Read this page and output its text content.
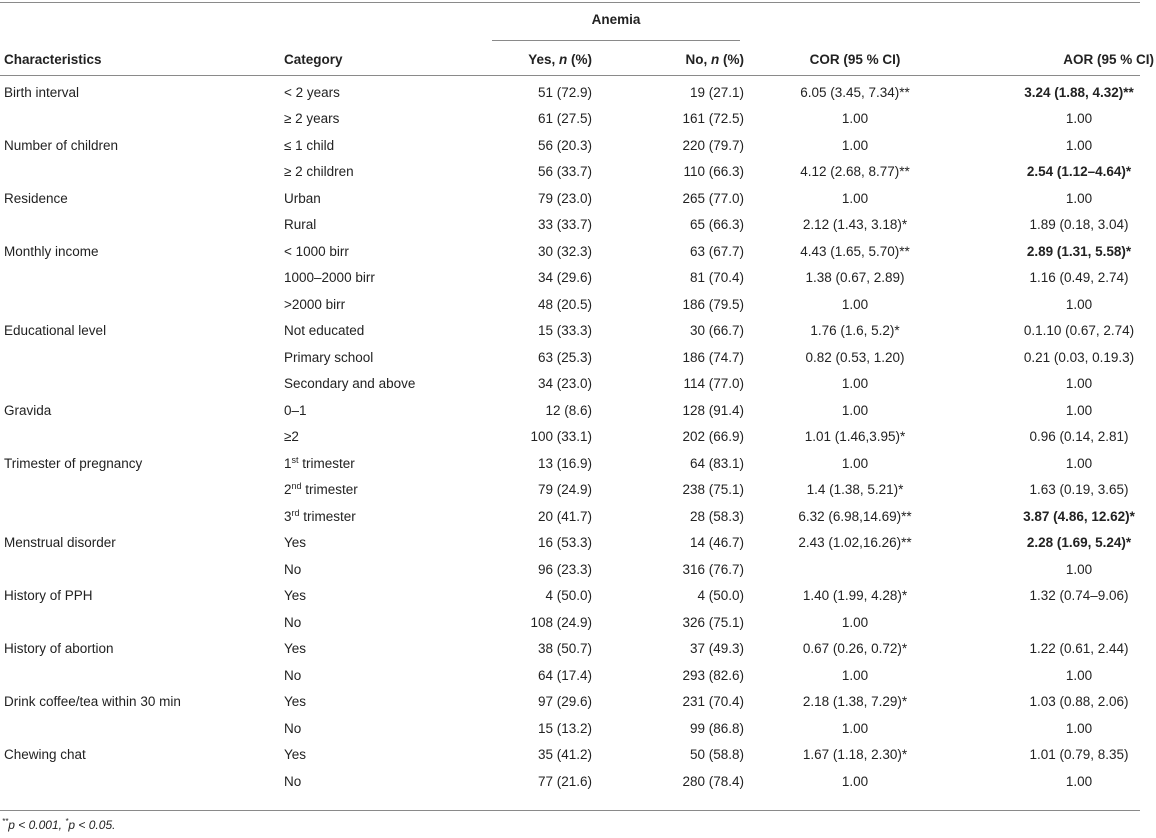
Anemia
Characteristics	Category	Yes, n (%)	No, n (%)	COR (95 % CI)	AOR (95 % CI)
Birth interval	< 2 years	51 (72.9)	19 (27.1)	6.05 (3.45, 7.34)**	3.24 (1.88, 4.32)**
	≥ 2 years	61 (27.5)	161 (72.5)	1.00	1.00
Number of children	≤ 1 child	56 (20.3)	220 (79.7)	1.00	1.00
	≥ 2 children	56 (33.7)	110 (66.3)	4.12 (2.68, 8.77)**	2.54 (1.12–4.64)*
Residence	Urban	79 (23.0)	265 (77.0)	1.00	1.00
	Rural	33 (33.7)	65 (66.3)	2.12 (1.43, 3.18)*	1.89 (0.18, 3.04)
Monthly income	< 1000 birr	30 (32.3)	63 (67.7)	4.43 (1.65, 5.70)**	2.89 (1.31, 5.58)*
	1000–2000 birr	34 (29.6)	81 (70.4)	1.38 (0.67, 2.89)	1.16 (0.49, 2.74)
	>2000 birr	48 (20.5)	186 (79.5)	1.00	1.00
Educational level	Not educated	15 (33.3)	30 (66.7)	1.76 (1.6, 5.2)*	0.1.10 (0.67, 2.74)
	Primary school	63 (25.3)	186 (74.7)	0.82 (0.53, 1.20)	0.21 (0.03, 0.19.3)
	Secondary and above	34 (23.0)	114 (77.0)	1.00	1.00
Gravida	0–1	12 (8.6)	128 (91.4)	1.00	1.00
	≥2	100 (33.1)	202 (66.9)	1.01 (1.46,3.95)*	0.96 (0.14, 2.81)
Trimester of pregnancy	1st trimester	13 (16.9)	64 (83.1)	1.00	1.00
	2nd trimester	79 (24.9)	238 (75.1)	1.4 (1.38, 5.21)*	1.63 (0.19, 3.65)
	3rd trimester	20 (41.7)	28 (58.3)	6.32 (6.98,14.69)**	3.87 (4.86, 12.62)*
Menstrual disorder	Yes	16 (53.3)	14 (46.7)	2.43 (1.02,16.26)**	2.28 (1.69, 5.24)*
	No	96 (23.3)	316 (76.7)		1.00
History of PPH	Yes	4 (50.0)	4 (50.0)	1.40 (1.99, 4.28)*	1.32 (0.74–9.06)
	No	108 (24.9)	326 (75.1)	1.00	
History of abortion	Yes	38 (50.7)	37 (49.3)	0.67 (0.26, 0.72)*	1.22 (0.61, 2.44)
	No	64 (17.4)	293 (82.6)	1.00	1.00
Drink coffee/tea within 30 min	Yes	97 (29.6)	231 (70.4)	2.18 (1.38, 7.29)*	1.03 (0.88, 2.06)
	No	15 (13.2)	99 (86.8)	1.00	1.00
Chewing chat	Yes	35 (41.2)	50 (58.8)	1.67 (1.18, 2.30)*	1.01 (0.79, 8.35)
	No	77 (21.6)	280 (78.4)	1.00	1.00
**p < 0.001, *p < 0.05.
